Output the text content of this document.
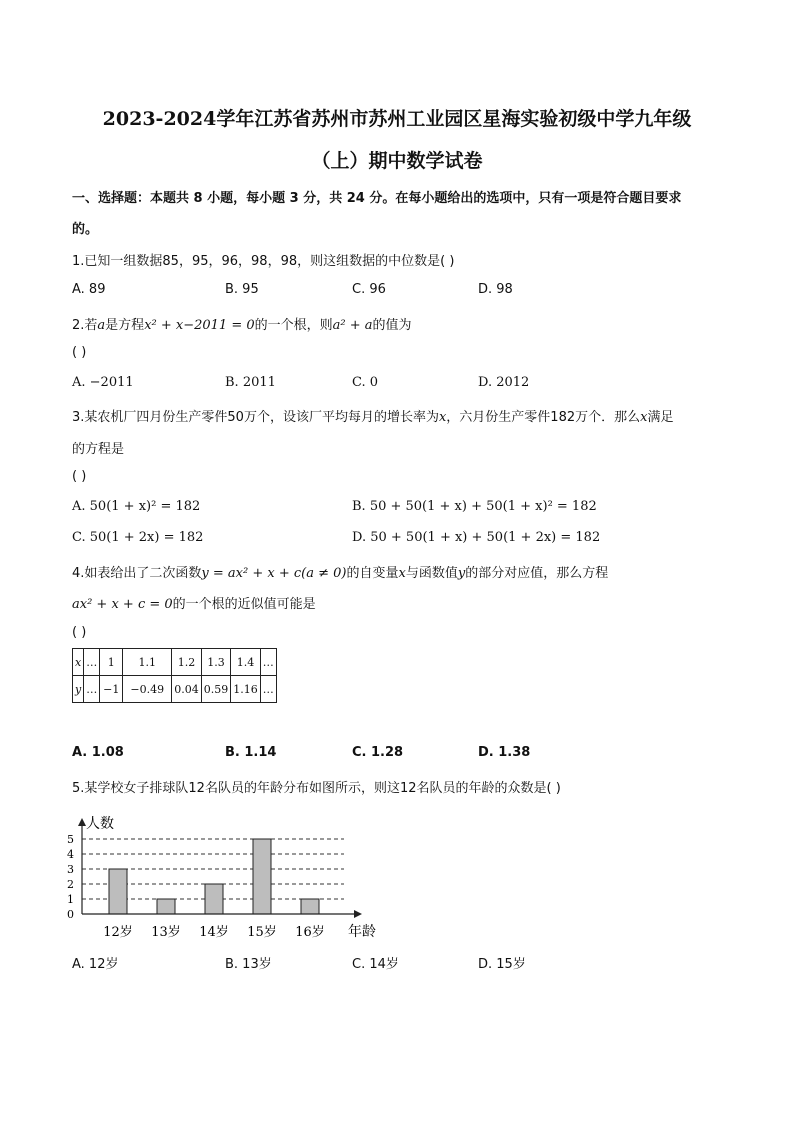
2023-2024学年江苏省苏州市苏州工业园区星海实验初级中学九年级
（上）期中数学试卷
一、选择题：本题共 8 小题，每小题 3 分，共 24 分。在每小题给出的选项中，只有一项是符合题目要求
的。
1.已知一组数据85，95，96，98，98，则这组数据的中位数是( )
A. 89	B. 95	C. 96	D. 98
2.若a是方程x² + x−2011 = 0的一个根，则a² + a的值为
( )
A. −2011	B. 2011	C. 0	D. 2012
3.某农机厂四月份生产零件50万个，设该厂平均每月的增长率为x，六月份生产零件182万个．那么x满足
的方程是
( )
A. 50(1 + x)² = 182	B. 50 + 50(1 + x) + 50(1 + x)² = 182
C. 50(1 + 2x) = 182	D. 50 + 50(1 + x) + 50(1 + 2x) = 182
4.如表给出了二次函数y = ax² + x + c(a ≠ 0)的自变量x与函数值y的部分对应值，那么方程
ax² + x + c = 0的一个根的近似值可能是
( )
x	…	1	1.1	1.2	1.3	1.4	…
y	…	−1	−0.49	0.04	0.59	1.16	…
A. 1.08	B. 1.14	C. 1.28	D. 1.38
5.某学校女子排球队12名队员的年龄分布如图所示，则这12名队员的年龄的众数是( )
0
1
2
3
4
5
12岁 13岁 14岁 15岁 16岁
人数
年龄
A. 12岁	B. 13岁	C. 14岁	D. 15岁
